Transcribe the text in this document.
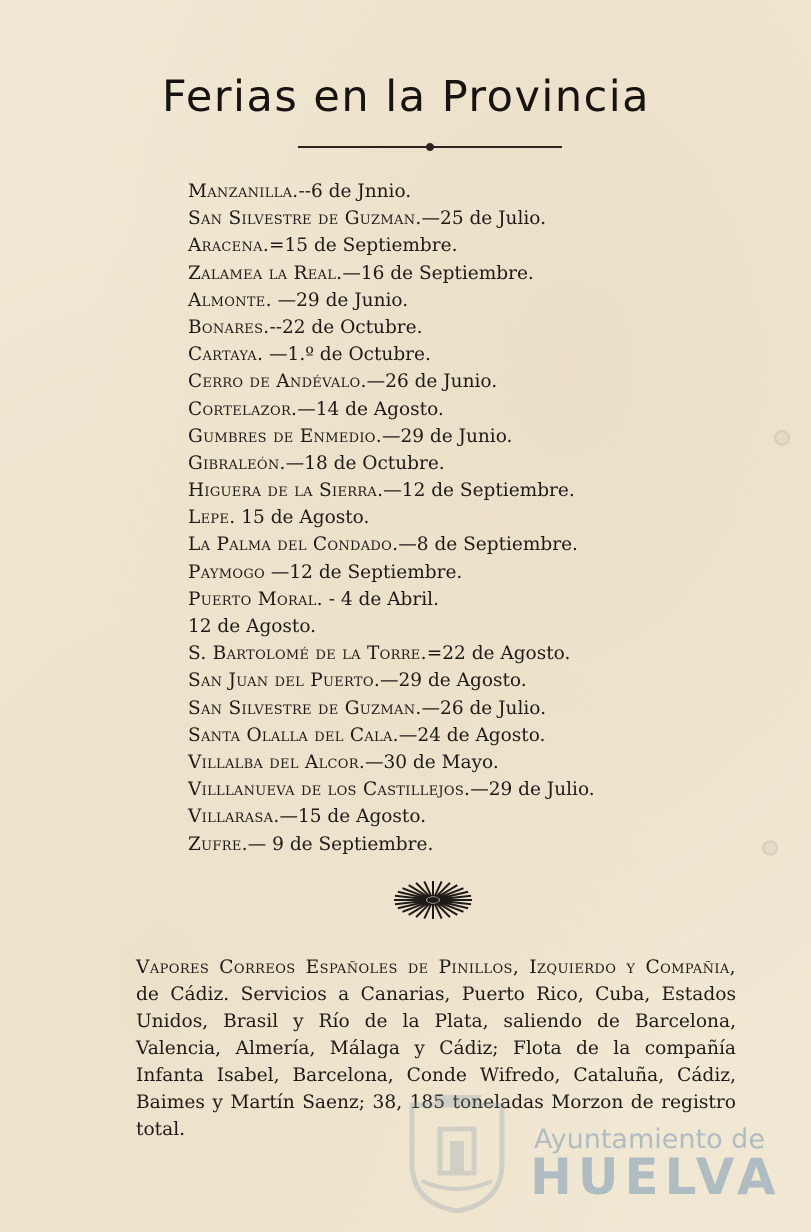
Ferias en la Provincia
Manzanilla.--6 de Jnnio.
San Silvestre de Guzman.—25 de Julio.
Aracena.=15 de Septiembre.
Zalamea la Real.—16 de Septiembre.
Almonte. —29 de Junio.
Bonares.--22 de Octubre.
Cartaya. —1.º de Octubre.
Cerro de Andévalo.—26 de Junio.
Cortelazor.—14 de Agosto.
Gumbres de Enmedio.—29 de Junio.
Gibraleón.—18 de Octubre.
Higuera de la Sierra.—12 de Septiembre.
Lepe. 15 de Agosto.
La Palma del Condado.—8 de Septiembre.
Paymogo —12 de Septiembre.
Puerto Moral. - 4 de Abril.
12 de Agosto.
S. Bartolomé de la Torre.=22 de Agosto.
San Juan del Puerto.—29 de Agosto.
San Silvestre de Guzman.—26 de Julio.
Santa Olalla del Cala.—24 de Agosto.
Villalba del Alcor.—30 de Mayo.
Villlanueva de los Castillejos.—29 de Julio.
Villarasa.—15 de Agosto.
Zufre.— 9 de Septiembre.
Vapores Correos Españoles de Pinillos, Izquierdo y Compañia, de Cádiz. Servicios a Canarias, Puerto Rico, Cuba, Estados Unidos, Brasil y Río de la Plata, saliendo de Barcelona, Valencia, Almería, Málaga y Cádiz; Flota de la compañía Infanta Isabel, Barcelona, Conde Wifredo, Cataluña, Cádiz, Baimes y Martín Saenz; 38, 185 toneladas Morzon de registro total.	Ayuntamiento de
HUELVA
